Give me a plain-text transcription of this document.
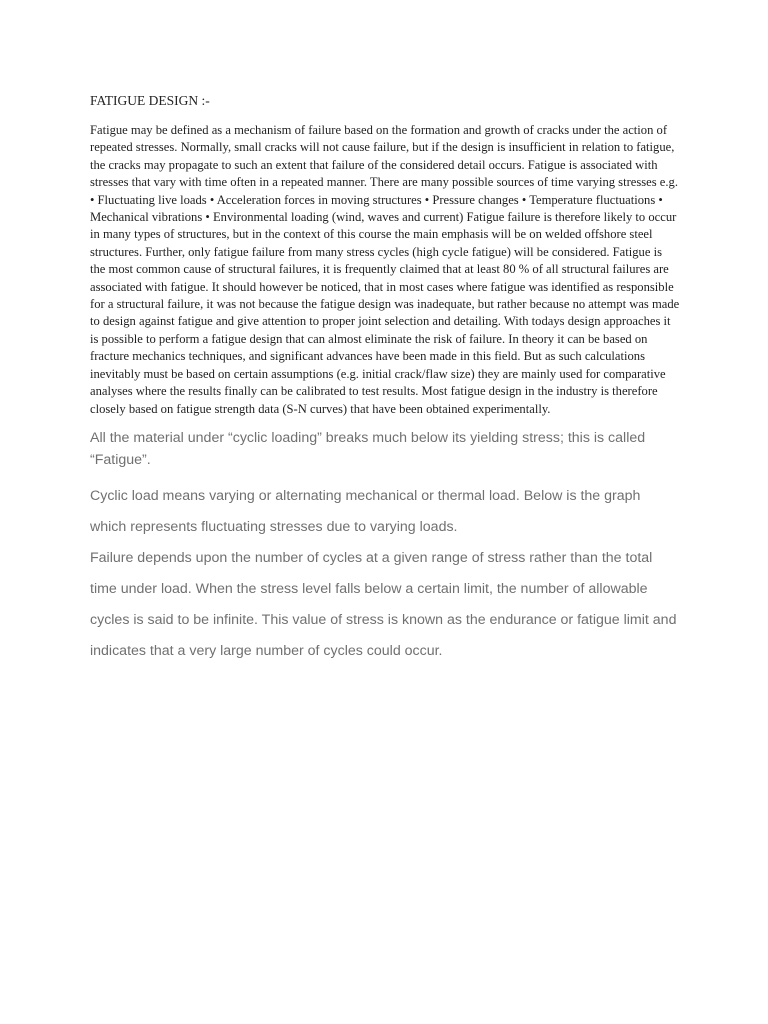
FATIGUE DESIGN :-

Fatigue may be defined as a mechanism of failure based on the formation and growth of cracks under the action of repeated stresses. Normally, small cracks will not cause failure, but if the design is insufficient in relation to fatigue, the cracks may propagate to such an extent that failure of the considered detail occurs. Fatigue is associated with stresses that vary with time often in a repeated manner. There are many possible sources of time varying stresses e.g. • Fluctuating live loads • Acceleration forces in moving structures • Pressure changes • Temperature fluctuations • Mechanical vibrations • Environmental loading (wind, waves and current) Fatigue failure is therefore likely to occur in many types of structures, but in the context of this course the main emphasis will be on welded offshore steel structures. Further, only fatigue failure from many stress cycles (high cycle fatigue) will be considered. Fatigue is the most common cause of structural failures, it is frequently claimed that at least 80 % of all structural failures are associated with fatigue. It should however be noticed, that in most cases where fatigue was identified as responsible for a structural failure, it was not because the fatigue design was inadequate, but rather because no attempt was made to design against fatigue and give attention to proper joint selection and detailing. With todays design approaches it is possible to perform a fatigue design that can almost eliminate the risk of failure. In theory it can be based on fracture mechanics techniques, and significant advances have been made in this field. But as such calculations inevitably must be based on certain assumptions (e.g. initial crack/flaw size) they are mainly used for comparative analyses where the results finally can be calibrated to test results. Most fatigue design in the industry is therefore closely based on fatigue strength data (S-N curves) that have been obtained experimentally.

All the material under “cyclic loading” breaks much below its yielding stress; this is called “Fatigue”.

Cyclic load means varying or alternating mechanical or thermal load. Below is the graph which represents fluctuating stresses due to varying loads.

Failure depends upon the number of cycles at a given range of stress rather than the total time under load. When the stress level falls below a certain limit, the number of allowable cycles is said to be infinite. This value of stress is known as the endurance or fatigue limit and indicates that a very large number of cycles could occur.
